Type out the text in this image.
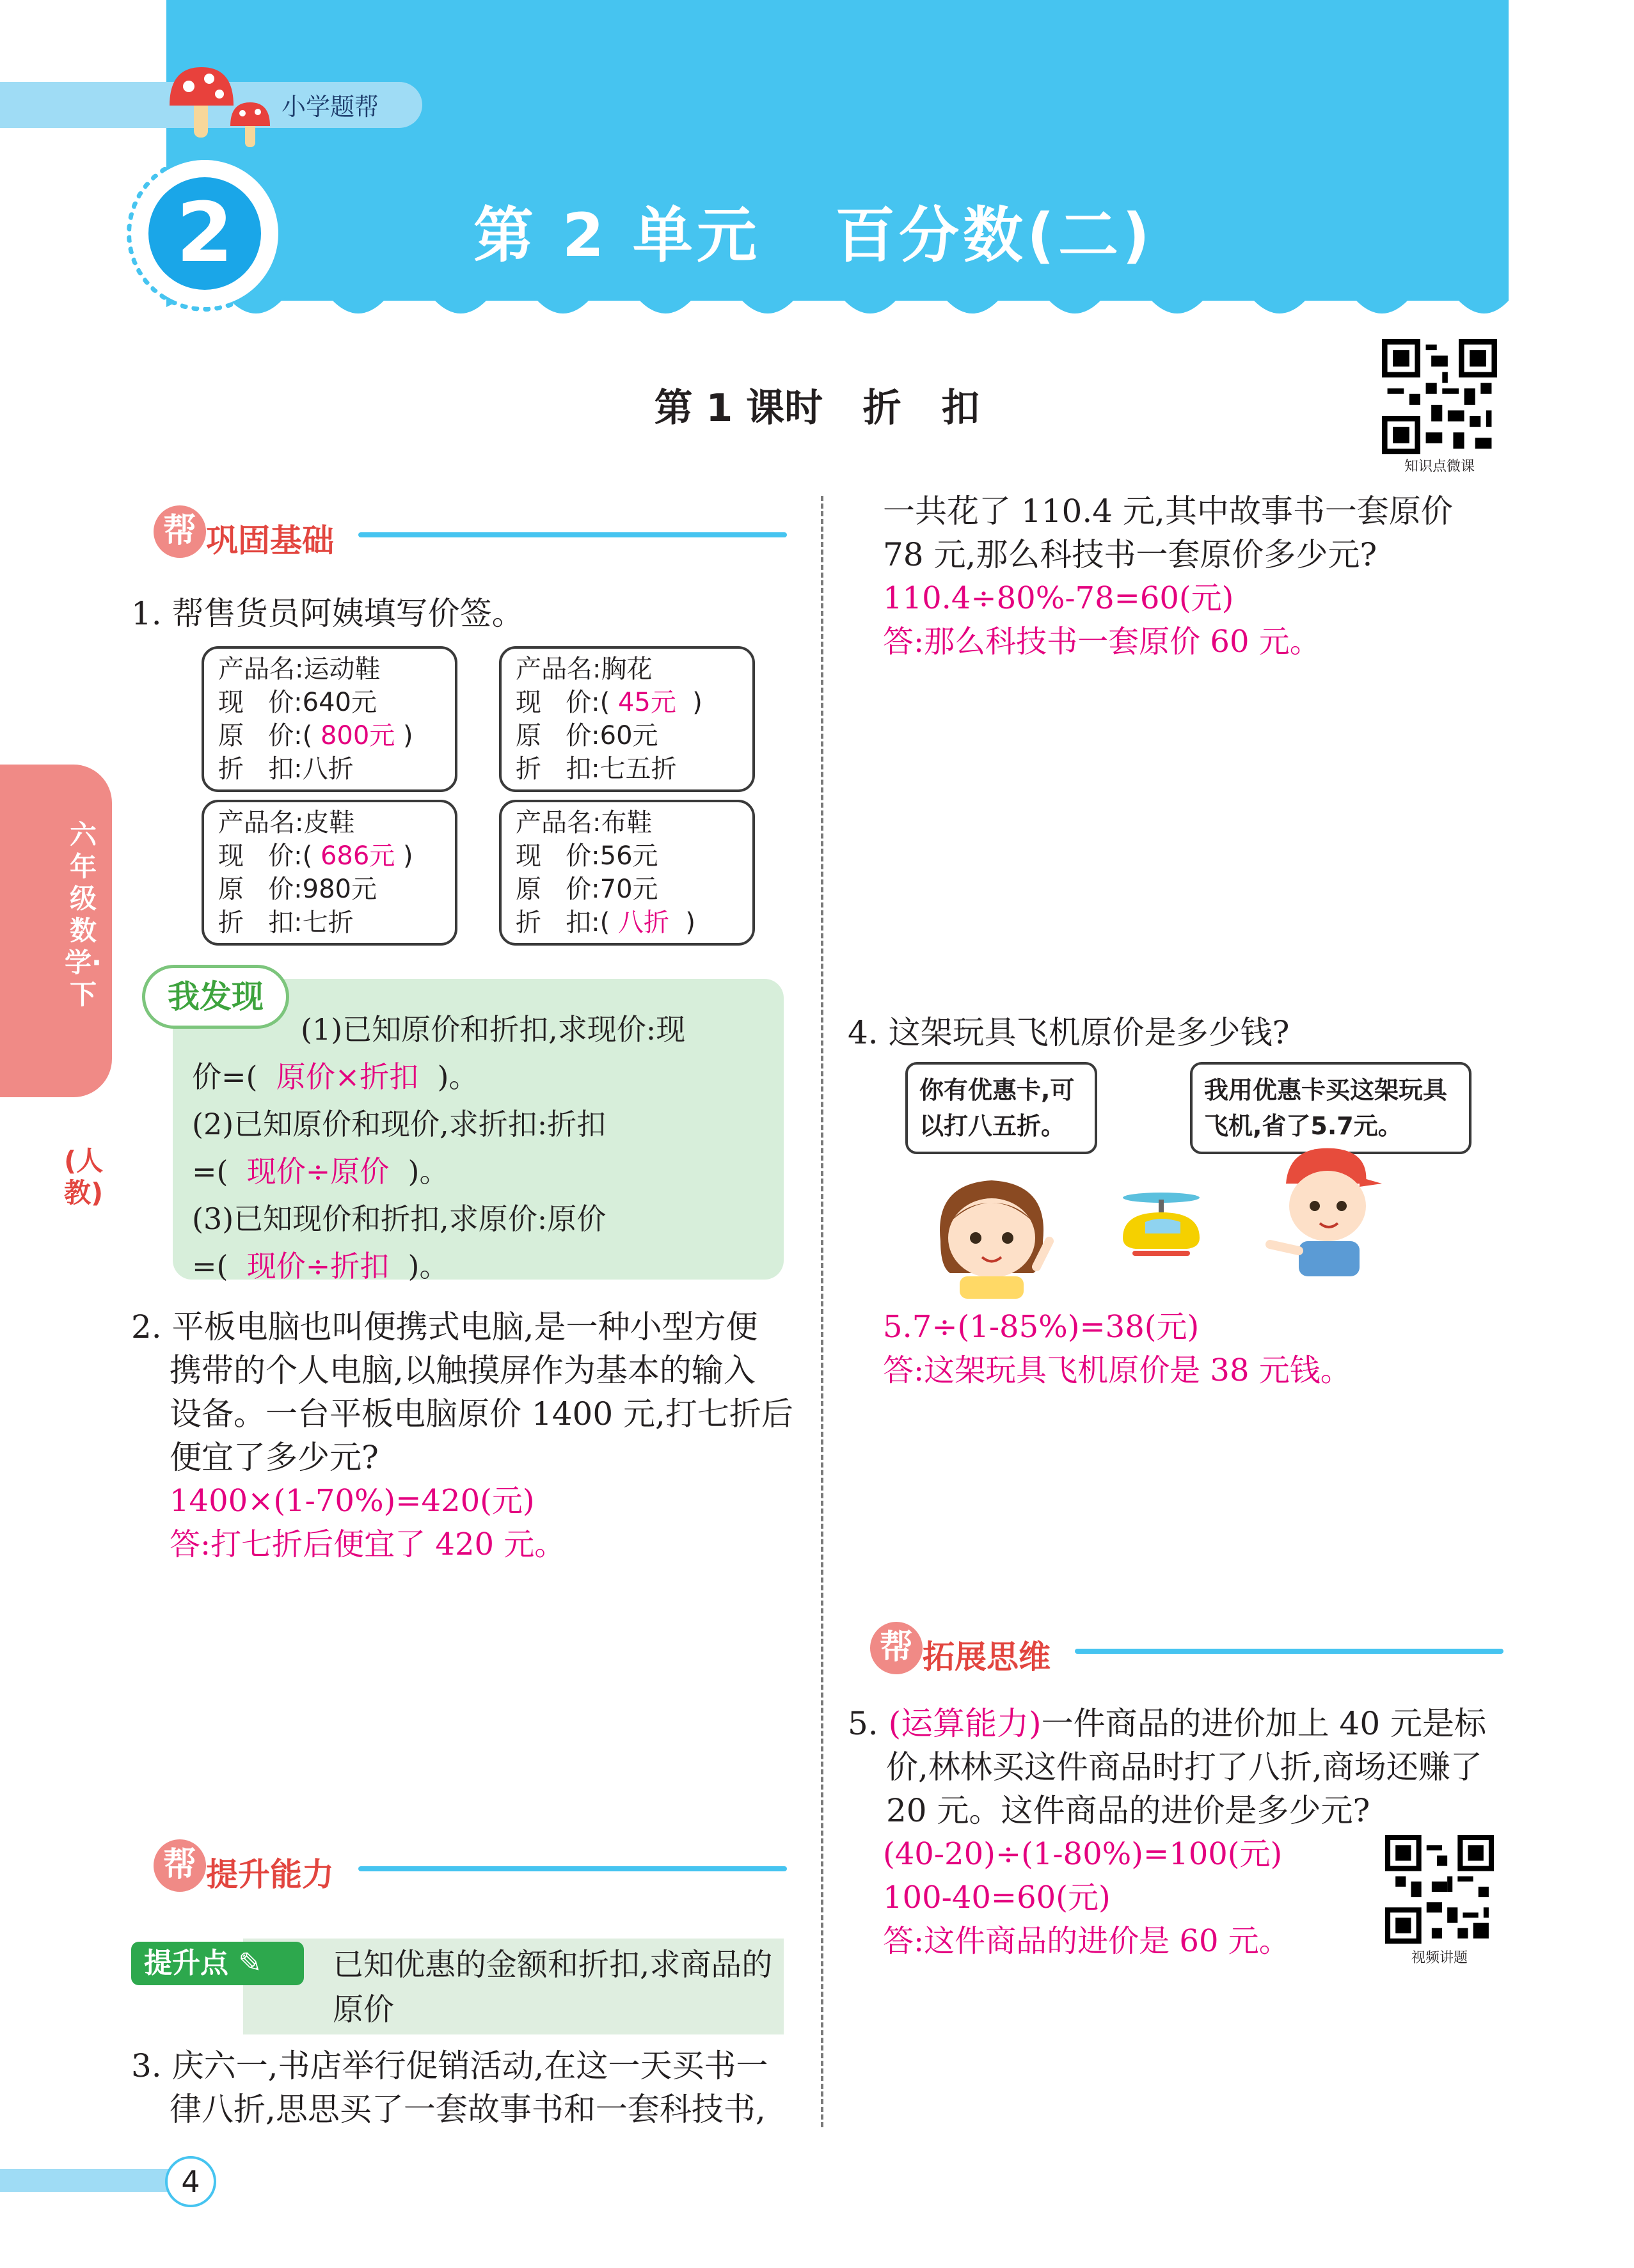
小学题帮
2	第 2 单元   百分数(二)
第 1 课时   折   扣
知识点微课
六年级数学·下
(人教)
帮 巩固基础
1. 帮售货员阿姨填写价签。
产品名:运动鞋
现   价:640元
原   价:( 800元 )
折   扣:八折
产品名:胸花
现   价:( 45元  )
原   价:60元
折   扣:七五折
产品名:皮鞋
现   价:( 686元 )
原   价:980元
折   扣:七折
产品名:布鞋
现   价:56元
原   价:70元
折   扣:( 八折  )
我发现
(1)已知原价和折扣,求现价:现
价=(  原价×折扣  )。
(2)已知原价和现价,求折扣:折扣
=(  现价÷原价  )。
(3)已知现价和折扣,求原价:原价
=(  现价÷折扣  )。
2. 平板电脑也叫便携式电脑,是一种小型方便
携带的个人电脑,以触摸屏作为基本的输入
设备。一台平板电脑原价 1400 元,打七折后
便宜了多少元?
1400×(1-70%)=420(元)
答:打七折后便宜了 420 元。
帮 提升能力
提升点 ✎	已知优惠的金额和折扣,求商品的原价
3. 庆六一,书店举行促销活动,在这一天买书一
律八折,思思买了一套故事书和一套科技书,
一共花了 110.4 元,其中故事书一套原价
78 元,那么科技书一套原价多少元?
110.4÷80%-78=60(元)
答:那么科技书一套原价 60 元。
4. 这架玩具飞机原价是多少钱?
你有优惠卡,可以打八五折。
我用优惠卡买这架玩具飞机,省了5.7元。
5.7÷(1-85%)=38(元)
答:这架玩具飞机原价是 38 元钱。
帮 拓展思维
5. (运算能力)一件商品的进价加上 40 元是标
价,林林买这件商品时打了八折,商场还赚了
20 元。这件商品的进价是多少元?
(40-20)÷(1-80%)=100(元)
100-40=60(元)
答:这件商品的进价是 60 元。	视频讲题
4
